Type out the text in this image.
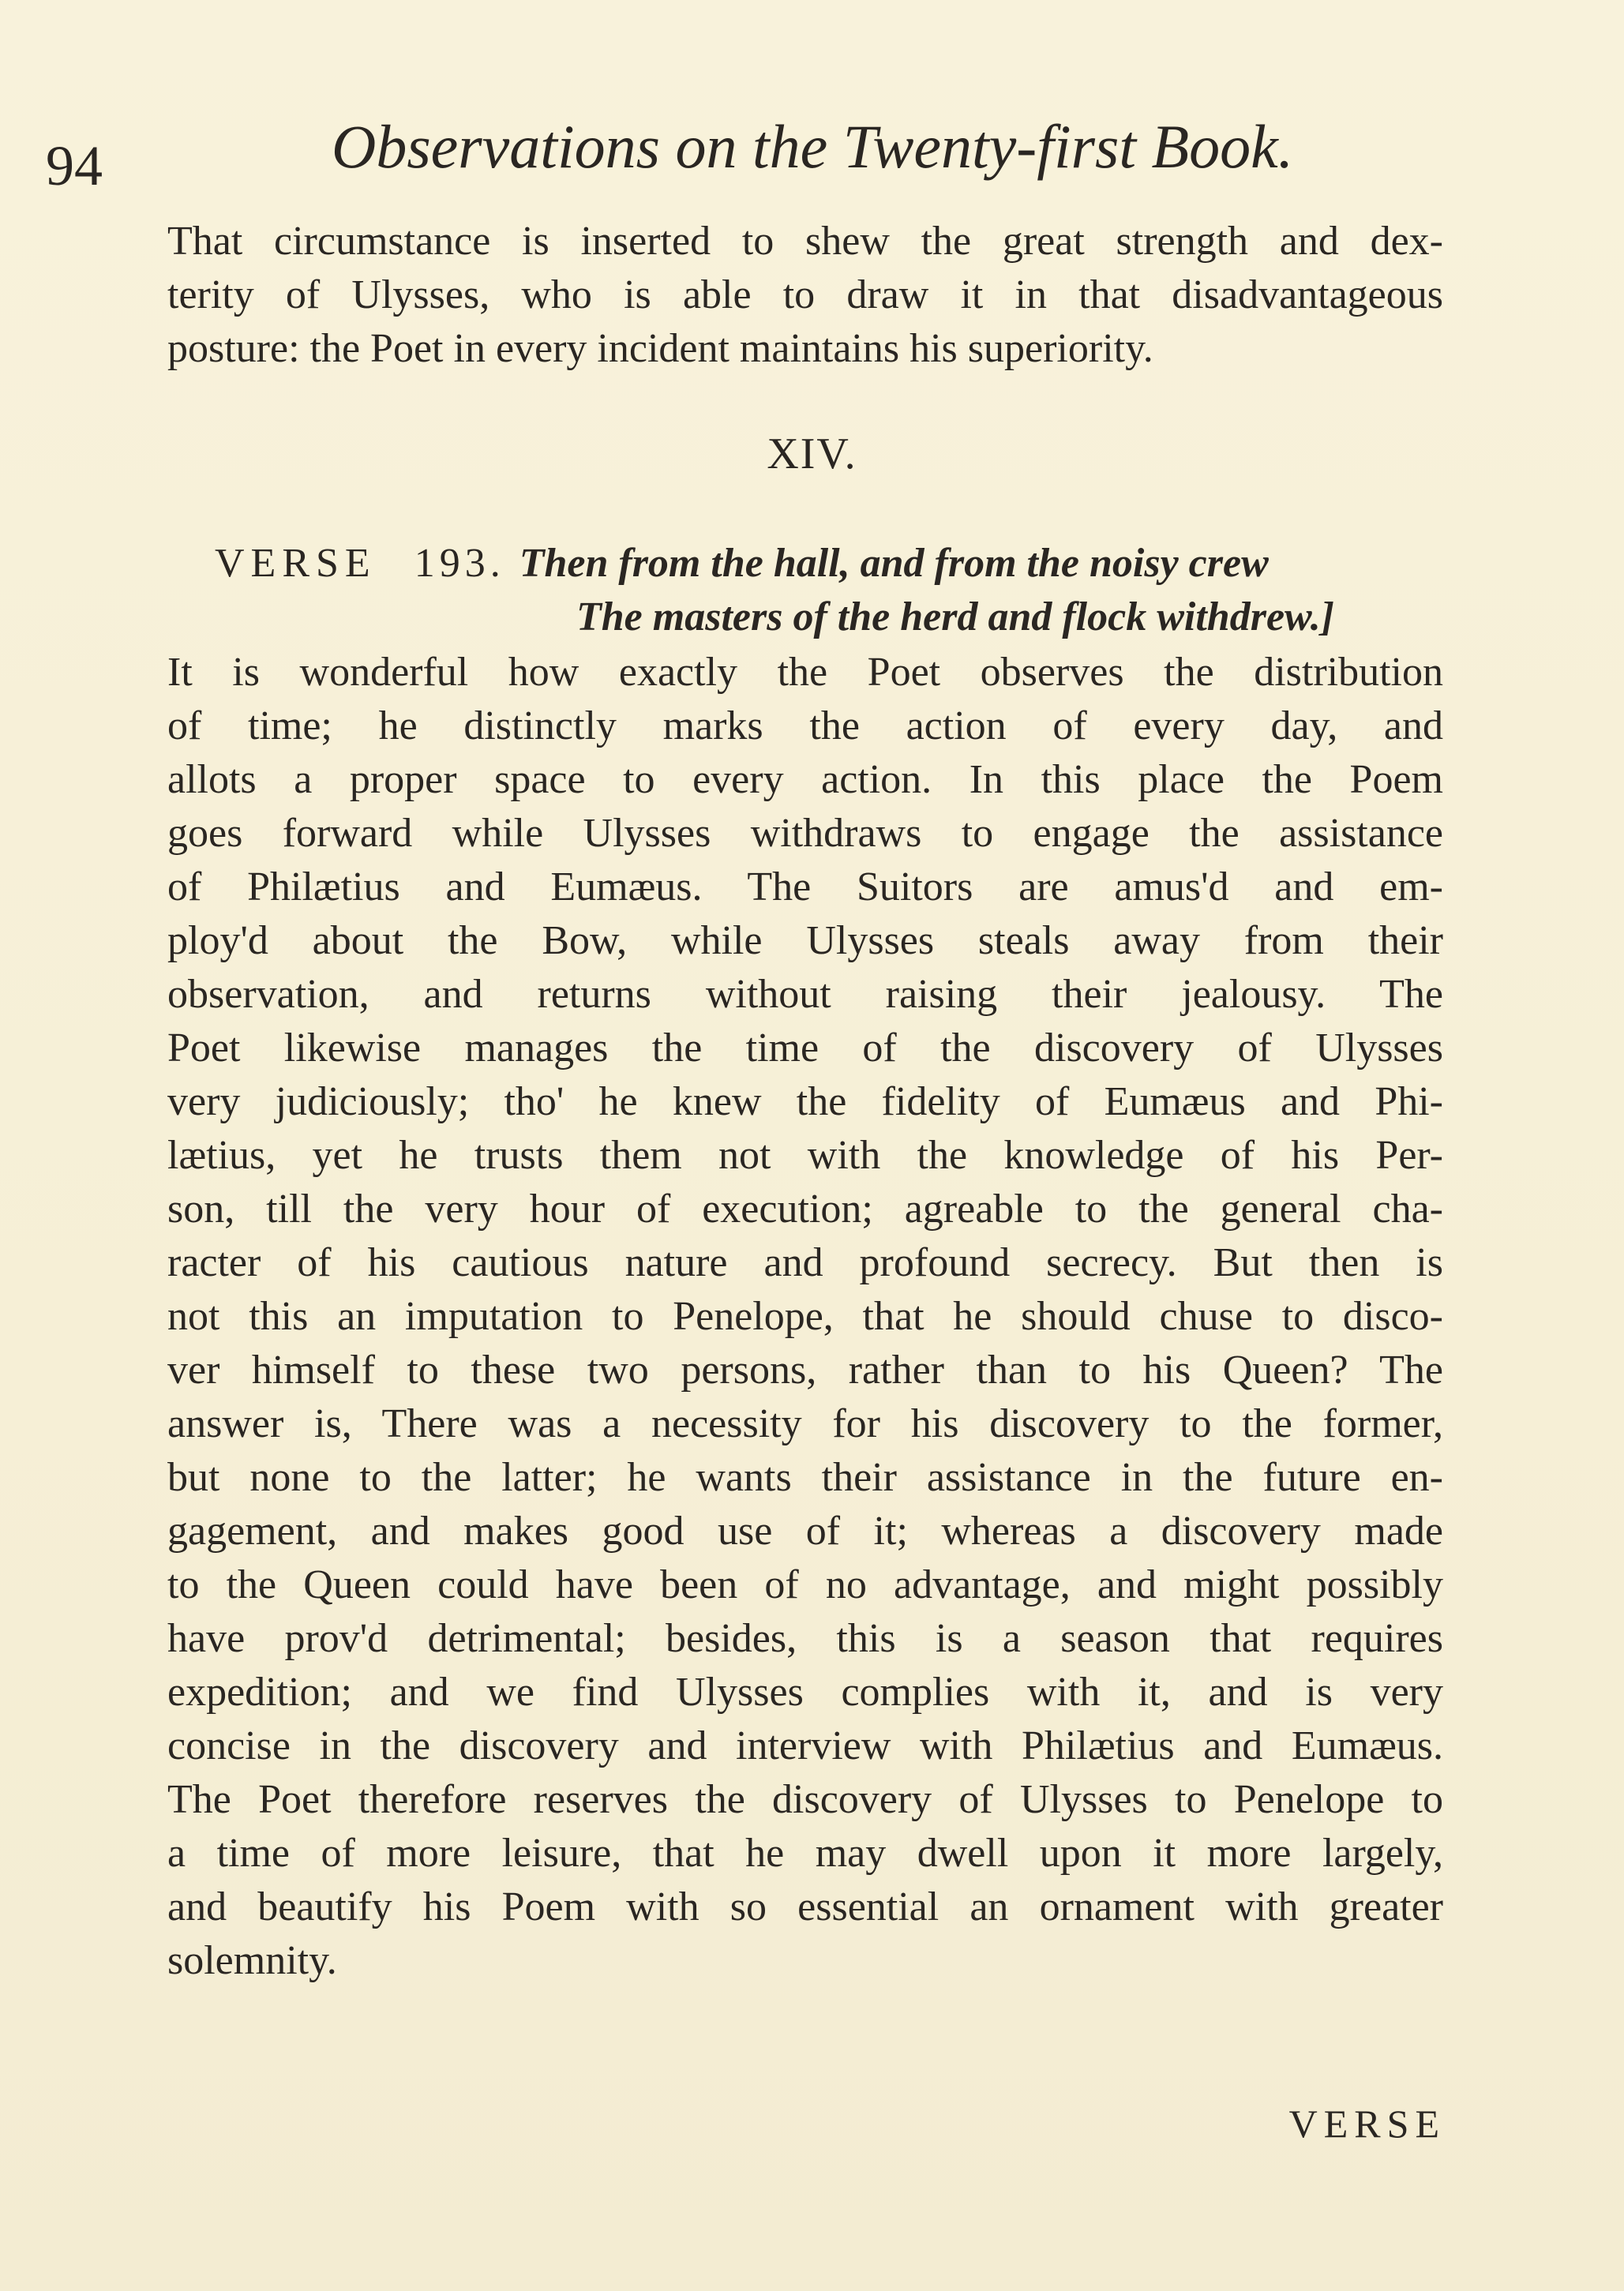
94	Observations on the Twenty-first Book.
That circumstance is inserted to shew the great strength and dex-
terity of Ulysses, who is able to draw it in that disadvantageous
posture: the Poet in every incident maintains his superiority.
XIV.
VERSE 193. Then from the hall, and from the noisy crew
The masters of the herd and flock withdrew.]
It is wonderful how exactly the Poet observes the distribution
of time; he distinctly marks the action of every day, and
allots a proper space to every action. In this place the Poem
goes forward while Ulysses withdraws to engage the assistance
of Philætius and Eumæus. The Suitors are amus'd and em-
ploy'd about the Bow, while Ulysses steals away from their
observation, and returns without raising their jealousy. The
Poet likewise manages the time of the discovery of Ulysses
very judiciously; tho' he knew the fidelity of Eumæus and Phi-
lætius, yet he trusts them not with the knowledge of his Per-
son, till the very hour of execution; agreable to the general cha-
racter of his cautious nature and profound secrecy. But then is
not this an imputation to Penelope, that he should chuse to disco-
ver himself to these two persons, rather than to his Queen? The
answer is, There was a necessity for his discovery to the former,
but none to the latter; he wants their assistance in the future en-
gagement, and makes good use of it; whereas a discovery made
to the Queen could have been of no advantage, and might possibly
have prov'd detrimental; besides, this is a season that requires
expedition; and we find Ulysses complies with it, and is very
concise in the discovery and interview with Philætius and Eumæus.
The Poet therefore reserves the discovery of Ulysses to Penelope to
a time of more leisure, that he may dwell upon it more largely,
and beautify his Poem with so essential an ornament with greater
solemnity.
VERSE
